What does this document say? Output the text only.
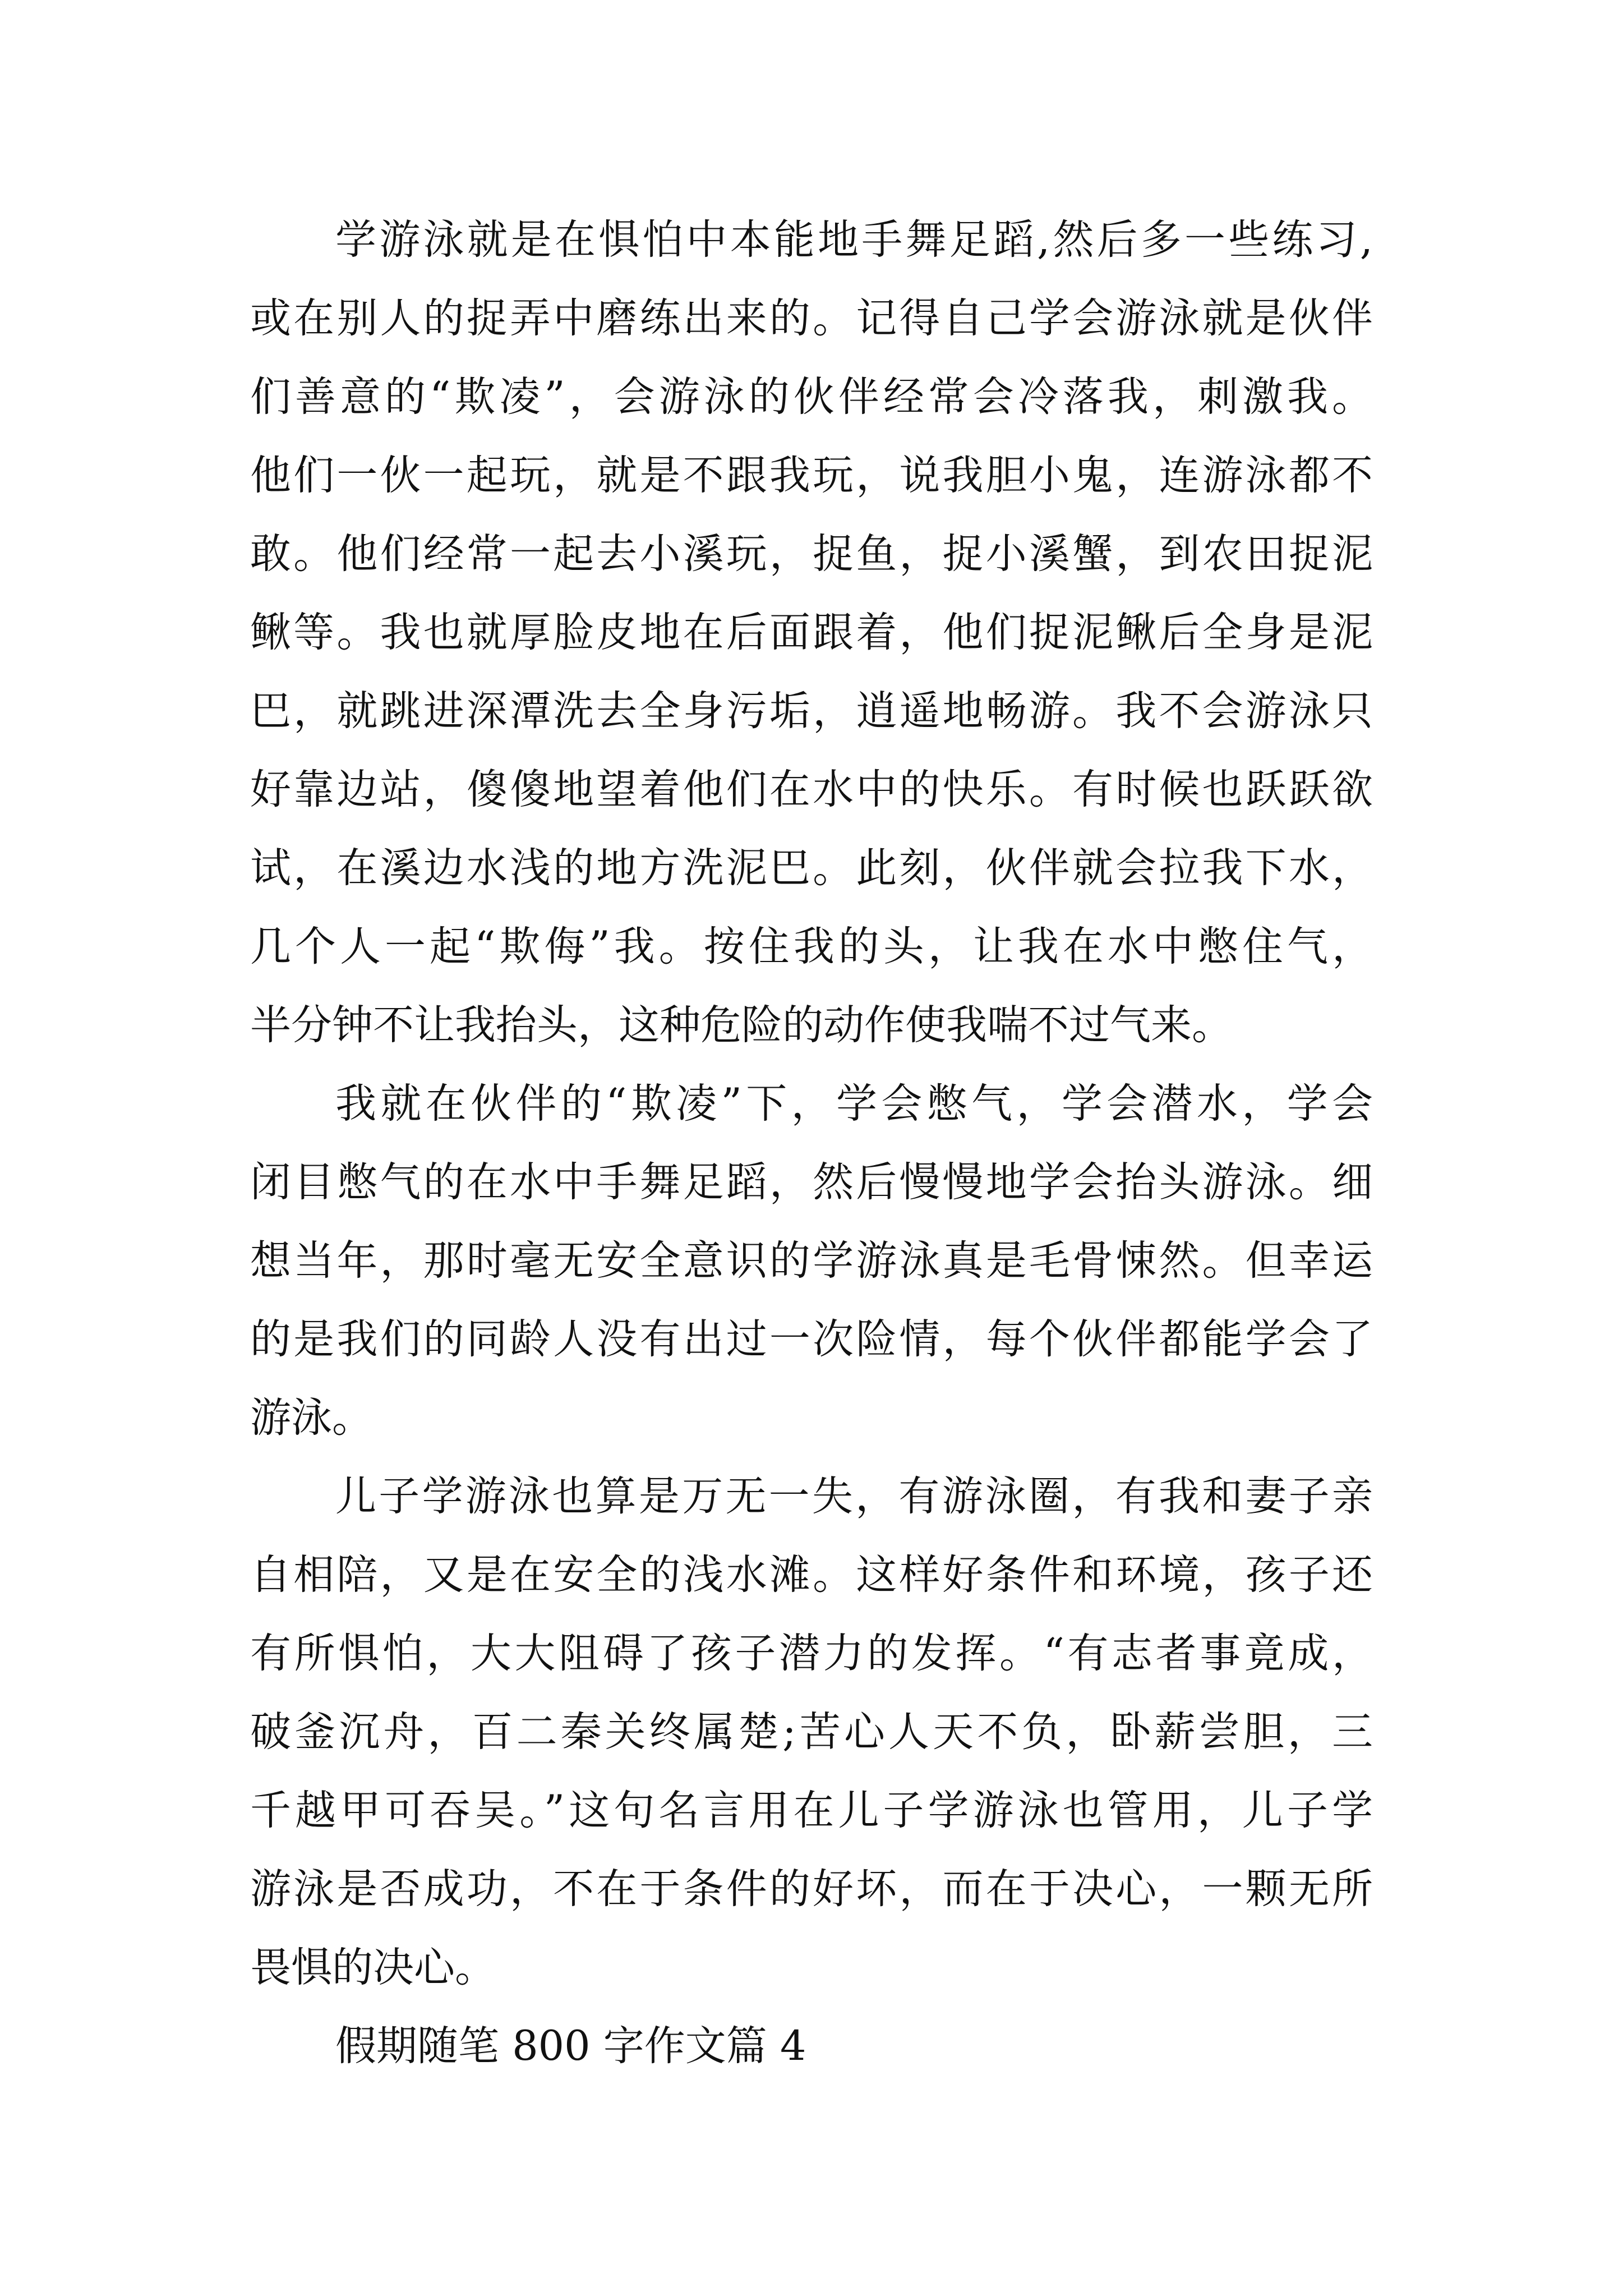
学游泳就是在惧怕中本能地手舞足蹈,然后多一些练习,
或在别人的捉弄中磨练出来的。记得自己学会游泳就是伙伴
们善意的“欺凌”，会游泳的伙伴经常会冷落我，刺激我。
他们一伙一起玩，就是不跟我玩，说我胆小鬼，连游泳都不
敢。他们经常一起去小溪玩，捉鱼，捉小溪蟹，到农田捉泥
鳅等。我也就厚脸皮地在后面跟着，他们捉泥鳅后全身是泥
巴，就跳进深潭洗去全身污垢，逍遥地畅游。我不会游泳只
好靠边站，傻傻地望着他们在水中的快乐。有时候也跃跃欲
试，在溪边水浅的地方洗泥巴。此刻，伙伴就会拉我下水，
几个人一起“欺侮”我。按住我的头，让我在水中憋住气，
半分钟不让我抬头，这种危险的动作使我喘不过气来。
我就在伙伴的“欺凌”下，学会憋气，学会潜水，学会
闭目憋气的在水中手舞足蹈，然后慢慢地学会抬头游泳。细
想当年，那时毫无安全意识的学游泳真是毛骨悚然。但幸运
的是我们的同龄人没有出过一次险情，每个伙伴都能学会了
游泳。
儿子学游泳也算是万无一失，有游泳圈，有我和妻子亲
自相陪，又是在安全的浅水滩。这样好条件和环境，孩子还
有所惧怕，大大阻碍了孩子潜力的发挥。“有志者事竟成，
破釜沉舟，百二秦关终属楚;苦心人天不负，卧薪尝胆，三
千越甲可吞吴。”这句名言用在儿子学游泳也管用，儿子学
游泳是否成功，不在于条件的好坏，而在于决心，一颗无所
畏惧的决心。
假期随笔 800 字作文篇 4
